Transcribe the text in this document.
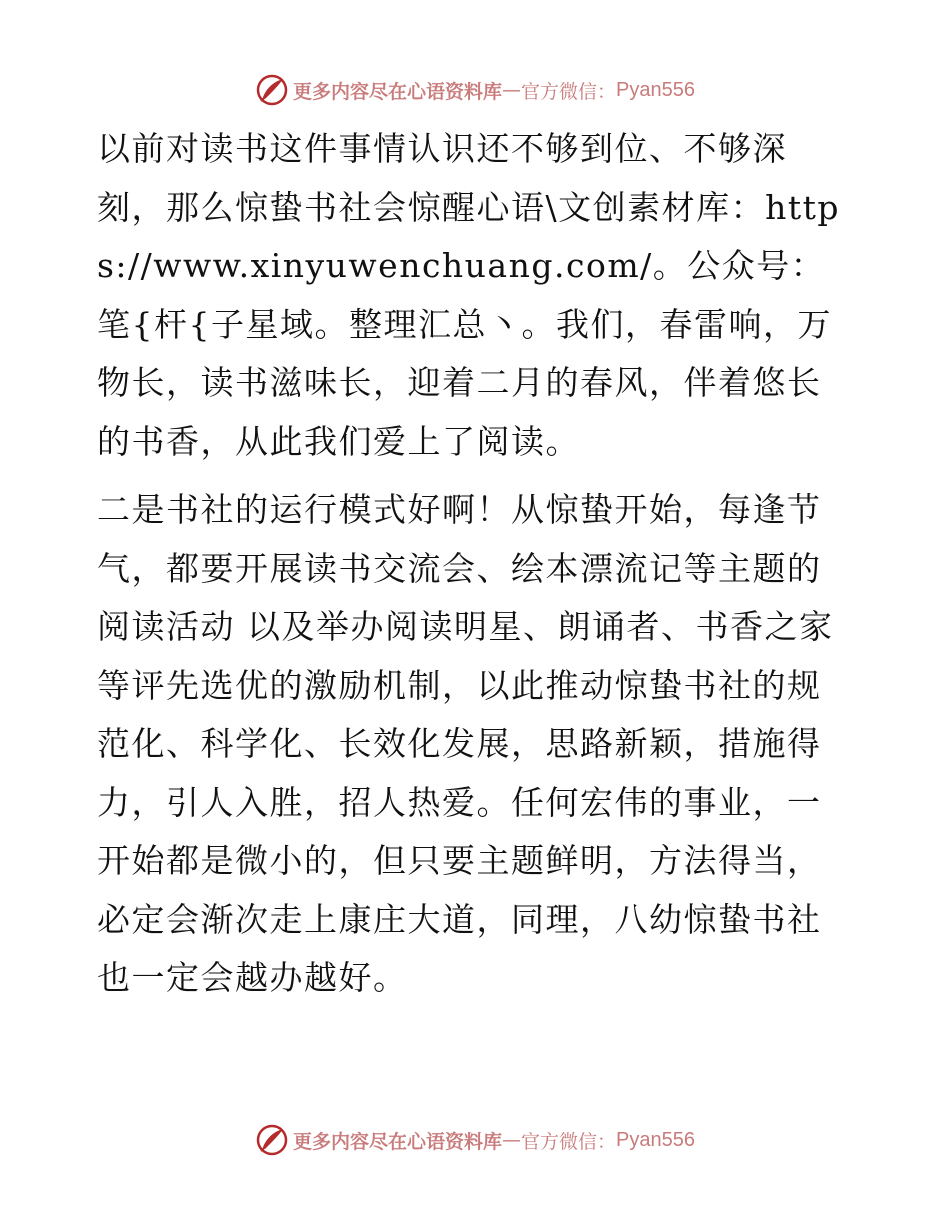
更多内容尽在心语资料库 — 官方微信： Pyan556

以前对读书这件事情认识还不够到位、不够深刻，那么惊蛰书社会惊醒心语\文创素材库：https://www.xinyuwenchuang.com/。公众号：笔{杆{子星域。整理汇总丶。我们，春雷响，万物长，读书滋味长，迎着二月的春风，伴着悠长的书香，从此我们爱上了阅读。

二是书社的运行模式好啊！从惊蛰开始，每逢节气，都要开展读书交流会、绘本漂流记等主题的阅读活动 以及举办阅读明星、朗诵者、书香之家等评先选优的激励机制，以此推动惊蛰书社的规范化、科学化、长效化发展，思路新颖，措施得力，引人入胜，招人热爱。任何宏伟的事业，一开始都是微小的，但只要主题鲜明，方法得当，必定会渐次走上康庄大道，同理，八幼惊蛰书社也一定会越办越好。

更多内容尽在心语资料库 — 官方微信： Pyan556
